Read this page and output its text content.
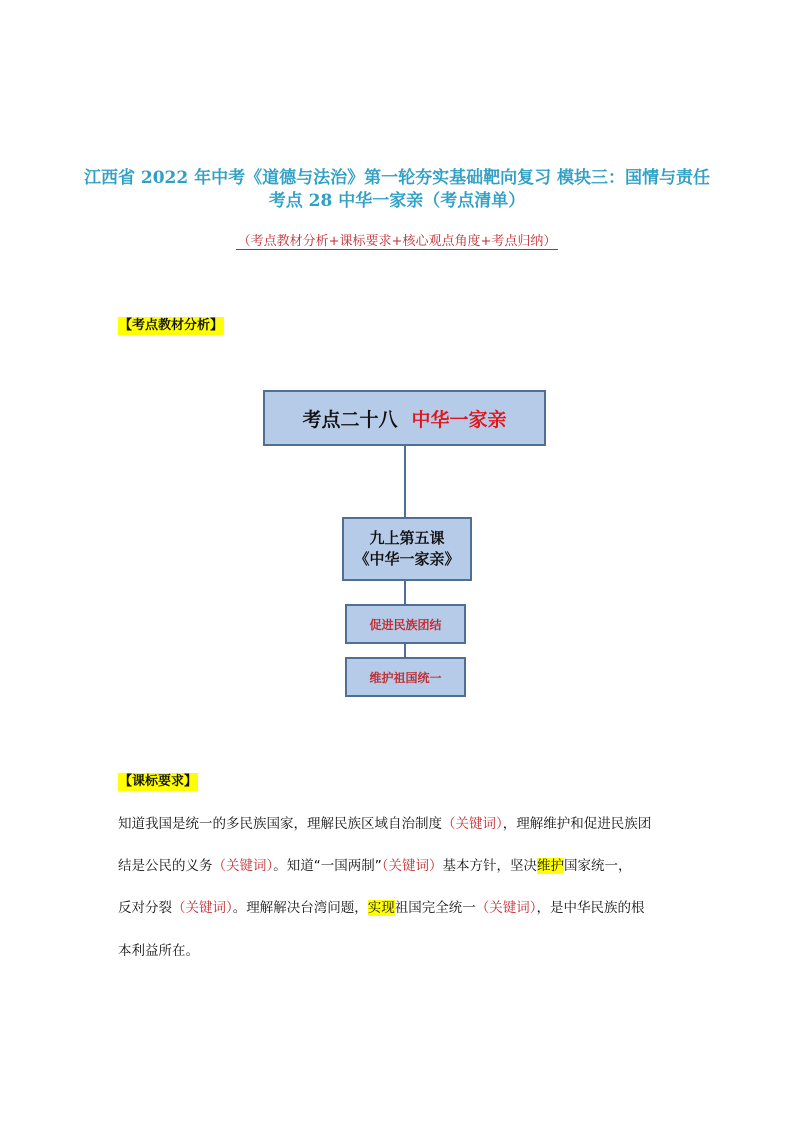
江西省 2022 年中考《道德与法治》第一轮夯实基础靶向复习 模块三：国情与责任
考点 28 中华一家亲（考点清单）
（考点教材分析+课标要求+核心观点角度+考点归纳）
【考点教材分析】
考点二十八 中华一家亲
九上第五课
《中华一家亲》
促进民族团结
维护祖国统一
【课标要求】
知道我国是统一的多民族国家，理解民族区域自治制度（关键词），理解维护和促进民族团
结是公民的义务（关键词）。知道“一国两制”（关键词）基本方针，坚决维护国家统一，
反对分裂（关键词）。理解解决台湾问题，实现祖国完全统一（关键词），是中华民族的根
本利益所在。
